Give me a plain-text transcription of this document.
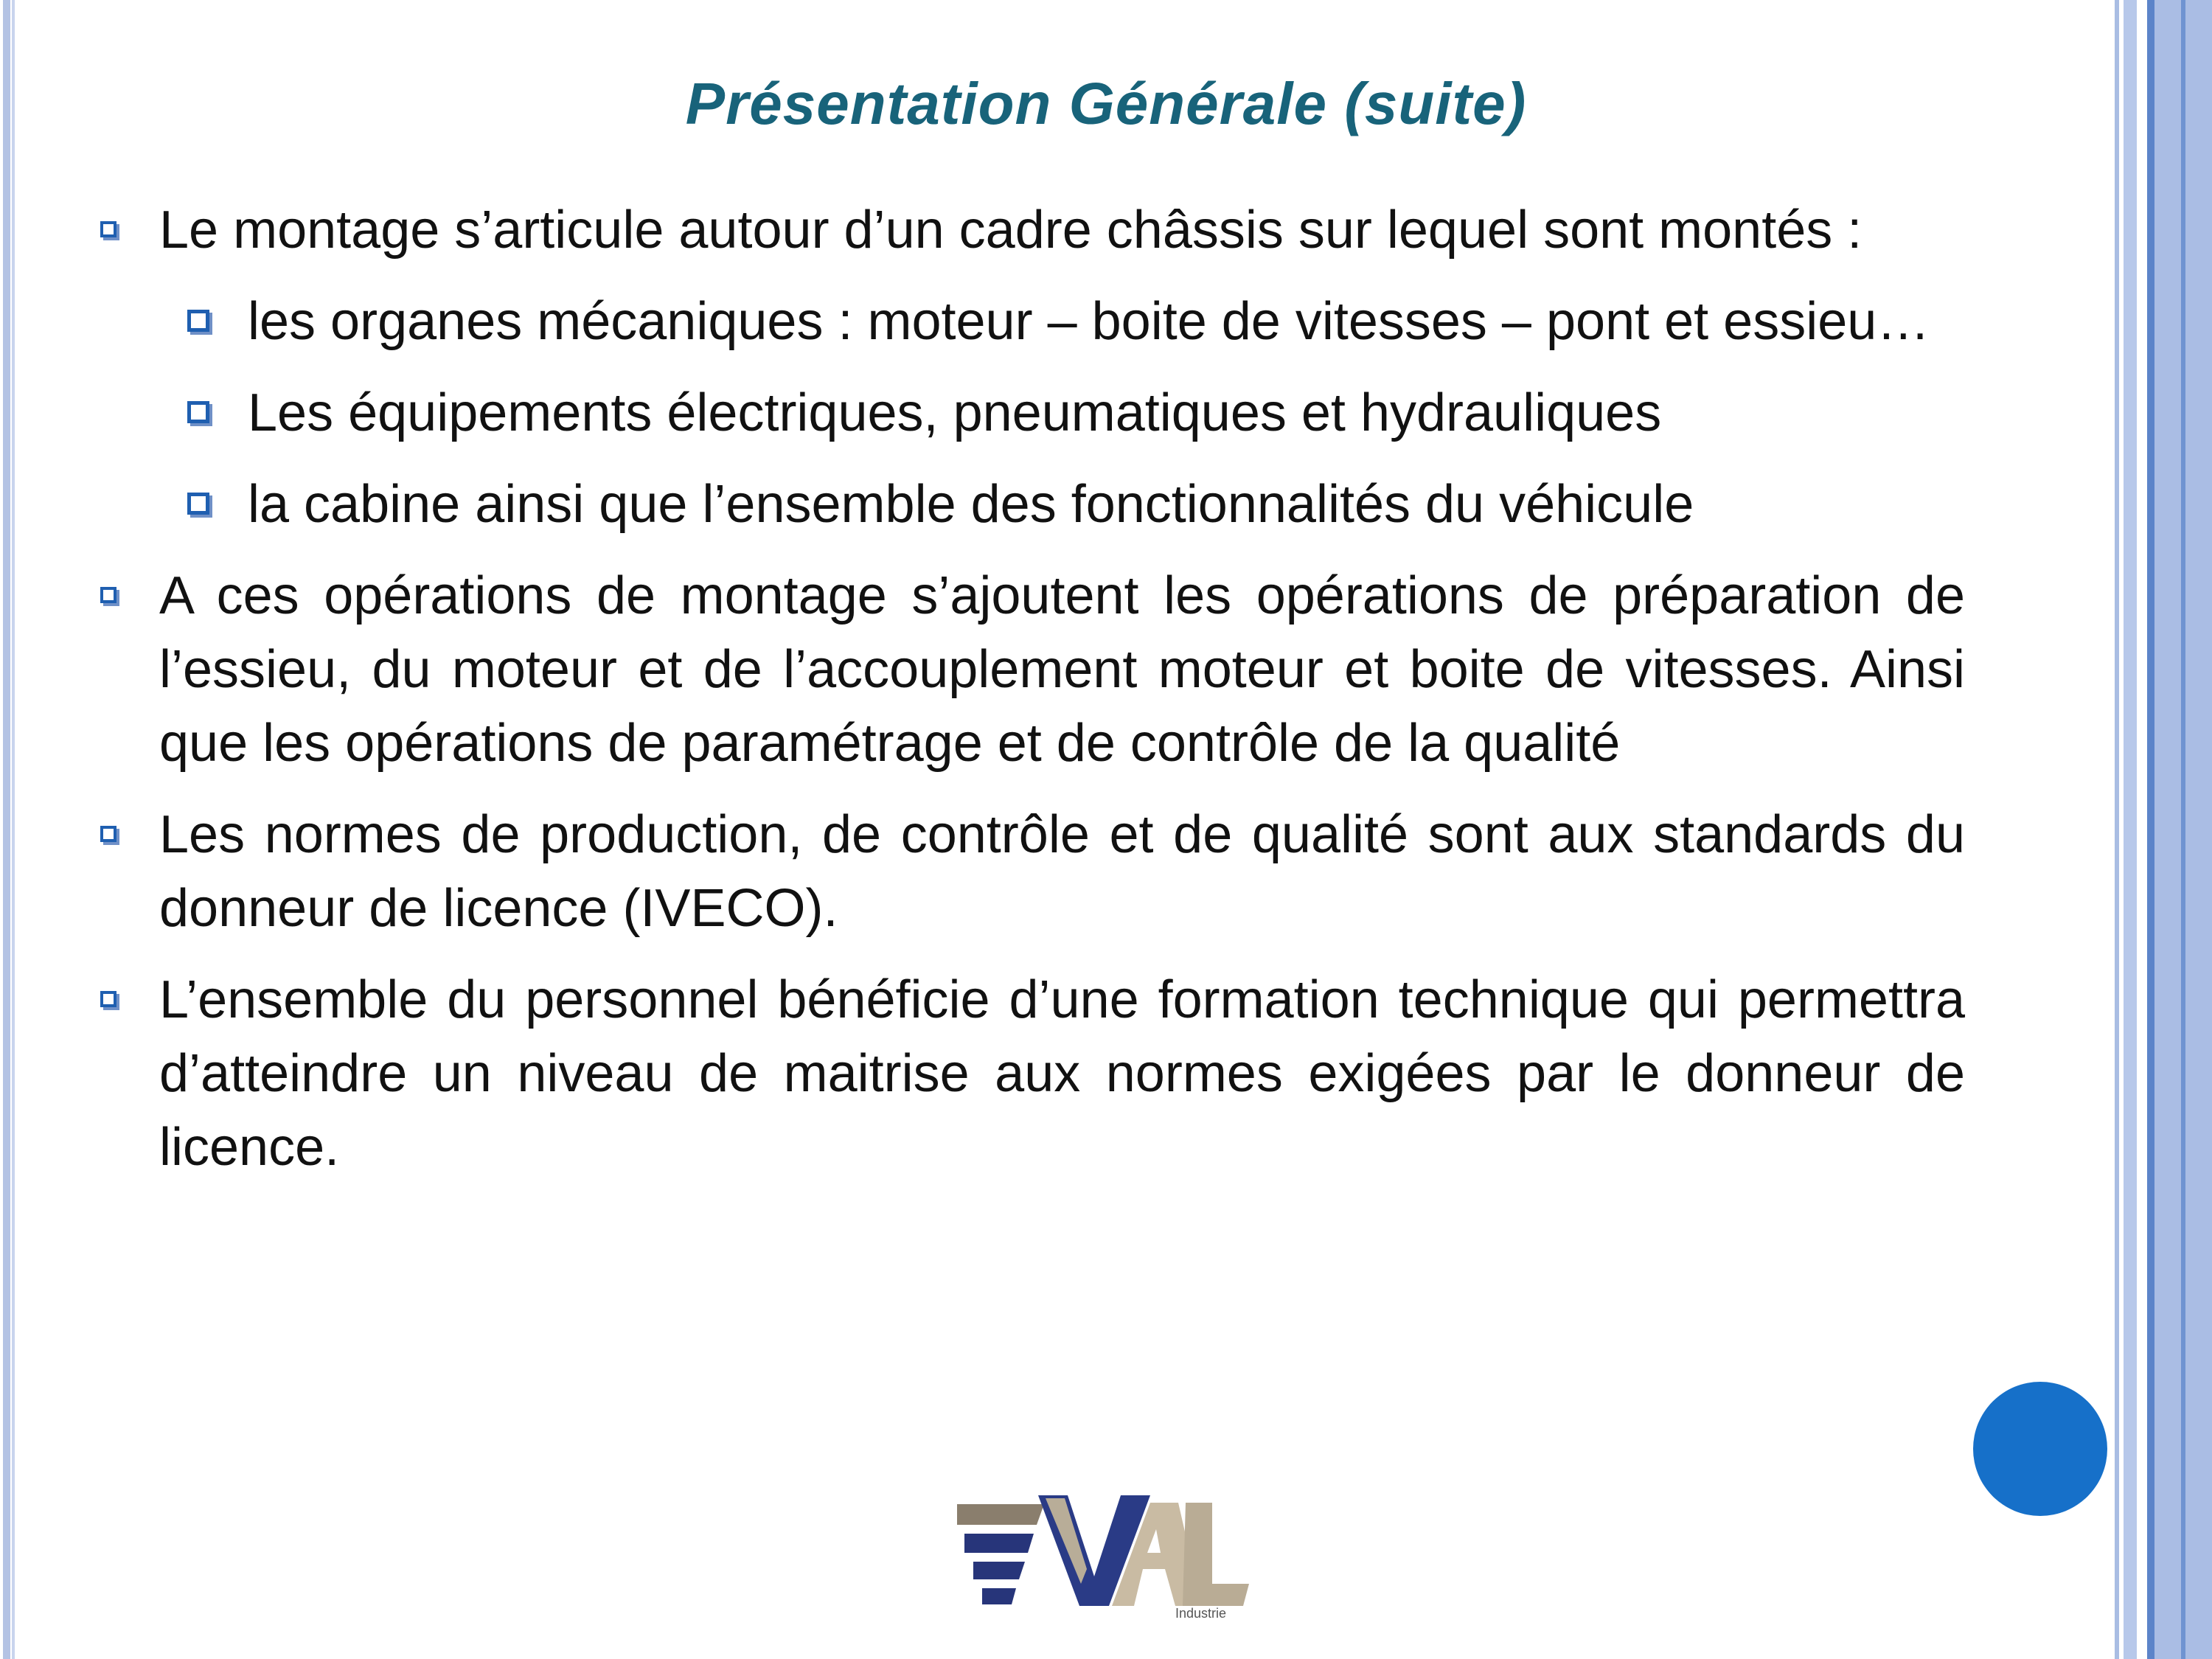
Présentation Générale (suite)
Le montage s’articule autour d’un cadre châssis sur lequel sont montés :
les organes mécaniques : moteur – boite de vitesses – pont et essieu…
Les équipements électriques, pneumatiques et hydrauliques
la cabine ainsi que l’ensemble des fonctionnalités du véhicule
A ces opérations de montage s’ajoutent les opérations de préparation de l’essieu, du moteur et de l’accouplement moteur et boite de vitesses. Ainsi que les opérations de paramétrage et de contrôle de la qualité
Les normes de production, de contrôle et de qualité sont aux standards du donneur de licence (IVECO).
L’ensemble du personnel bénéficie d’une formation technique qui permettra d’atteindre un niveau de maitrise aux normes exigées par le donneur de licence.
Industrie
